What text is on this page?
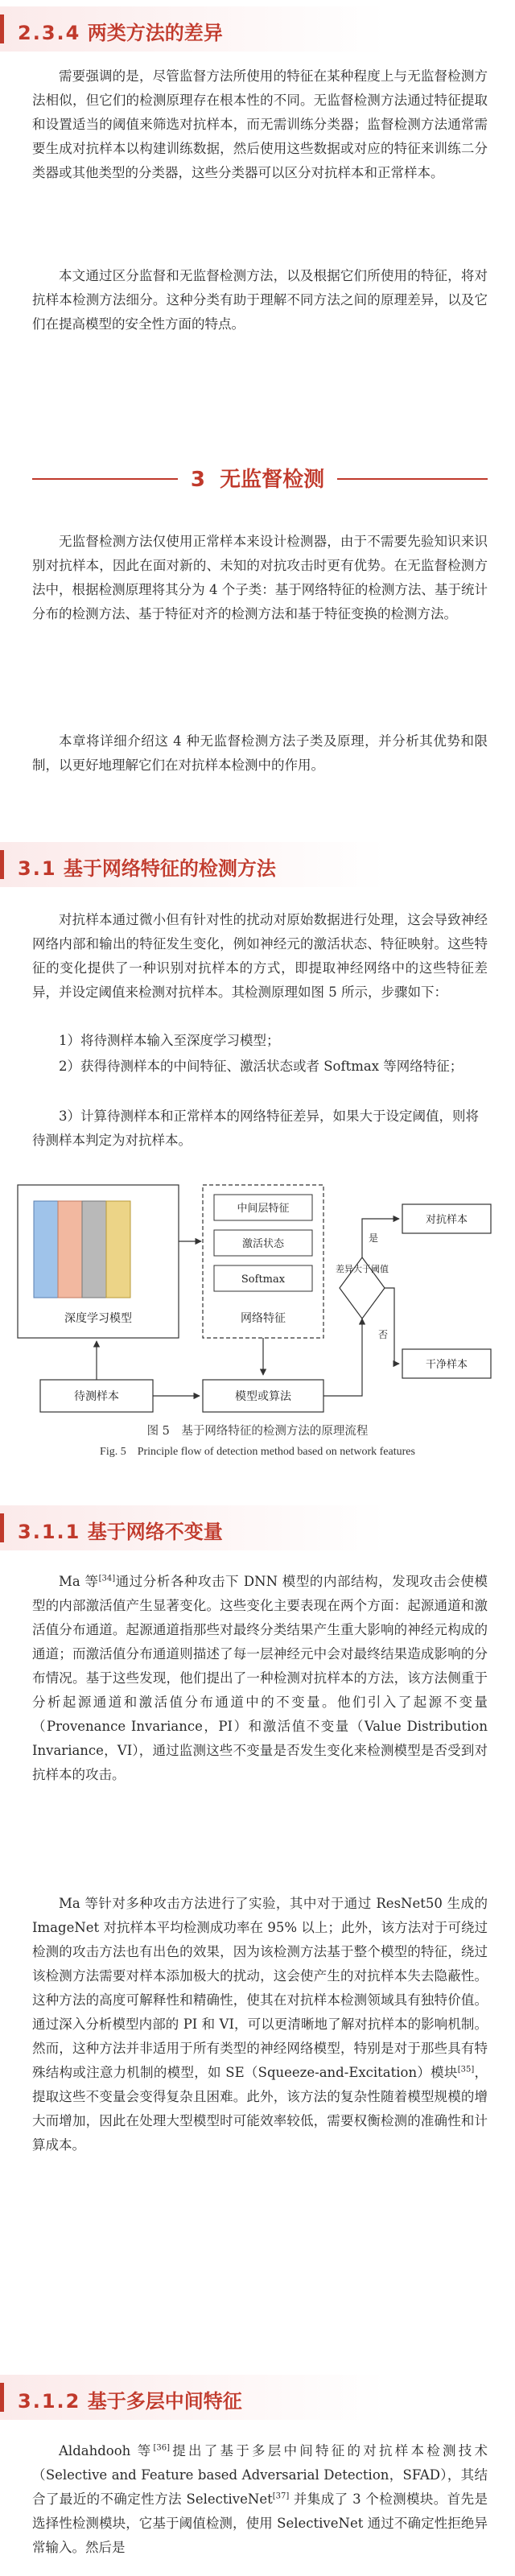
2.3.4 两类方法的差异

需要强调的是，尽管监督方法所使用的特征在某种程度上与无监督检测方法相似，但它们的检测原理存在根本性的不同。无监督检测方法通过特征提取和设置适当的阈值来筛选对抗样本，而无需训练分类器；监督检测方法通常需要生成对抗样本以构建训练数据，然后使用这些数据或对应的特征来训练二分类器或其他类型的分类器，这些分类器可以区分对抗样本和正常样本。

本文通过区分监督和无监督检测方法，以及根据它们所使用的特征，将对抗样本检测方法细分。这种分类有助于理解不同方法之间的原理差异，以及它们在提高模型的安全性方面的特点。

3 无监督检测

无监督检测方法仅使用正常样本来设计检测器，由于不需要先验知识来识别对抗样本，因此在面对新的、未知的对抗攻击时更有优势。在无监督检测方法中，根据检测原理将其分为 4 个子类：基于网络特征的检测方法、基于统计分布的检测方法、基于特征对齐的检测方法和基于特征变换的检测方法。

本章将详细介绍这 4 种无监督检测方法子类及原理，并分析其优势和限制，以更好地理解它们在对抗样本检测中的作用。

3.1 基于网络特征的检测方法

对抗样本通过微小但有针对性的扰动对原始数据进行处理，这会导致神经网络内部和输出的特征发生变化，例如神经元的激活状态、特征映射。这些特征的变化提供了一种识别对抗样本的方式，即提取神经网络中的这些特征差异，并设定阈值来检测对抗样本。其检测原理如图 5 所示，步骤如下：

1）将待测样本输入至深度学习模型；

2）获得待测样本的中间特征、激活状态或者 Softmax 等网络特征；

3）计算待测样本和正常样本的网络特征差异，如果大于设定阈值，则将待测样本判定为对抗样本。

深度学习模型
待测样本
中间层特征
激活状态
Softmax
网络特征
模型或算法
差异大于阈值
是
对抗样本
否
干净样本
图 5　基于网络特征的检测方法的原理流程
Fig. 5　Principle flow of detection method based on network features
3.1.1 基于网络不变量

Ma 等[34]通过分析各种攻击下 DNN 模型的内部结构，发现攻击会使模型的内部激活值产生显著变化。这些变化主要表现在两个方面：起源通道和激活值分布通道。起源通道指那些对最终分类结果产生重大影响的神经元构成的通道；而激活值分布通道则描述了每一层神经元中会对最终结果造成影响的分布情况。基于这些发现，他们提出了一种检测对抗样本的方法，该方法侧重于分析起源通道和激活值分布通道中的不变量。他们引入了起源不变量（Provenance Invariance，PI）和激活值不变量（Value Distribution Invariance，VI），通过监测这些不变量是否发生变化来检测模型是否受到对抗样本的攻击。

Ma 等针对多种攻击方法进行了实验，其中对于通过 ResNet50 生成的 ImageNet 对抗样本平均检测成功率在 95% 以上；此外，该方法对于可绕过检测的攻击方法也有出色的效果，因为该检测方法基于整个模型的特征，绕过该检测方法需要对样本添加极大的扰动，这会使产生的对抗样本失去隐蔽性。这种方法的高度可解释性和精确性，使其在对抗样本检测领域具有独特价值。通过深入分析模型内部的 PI 和 VI，可以更清晰地了解对抗样本的影响机制。然而，这种方法并非适用于所有类型的神经网络模型，特别是对于那些具有特殊结构或注意力机制的模型，如 SE（Squeeze-and-Excitation）模块[35]，提取这些不变量会变得复杂且困难。此外，该方法的复杂性随着模型规模的增大而增加，因此在处理大型模型时可能效率较低，需要权衡检测的准确性和计算成本。

3.1.2 基于多层中间特征

Aldahdooh 等[36]提出了基于多层中间特征的对抗样本检测技术（Selective and Feature based Adversarial Detection，SFAD），其结合了最近的不确定性方法 SelectiveNet[37] 并集成了 3 个检测模块。首先是选择性检测模块，它基于阈值检测，使用 SelectiveNet 通过不确定性拒绝异常输入。然后是
